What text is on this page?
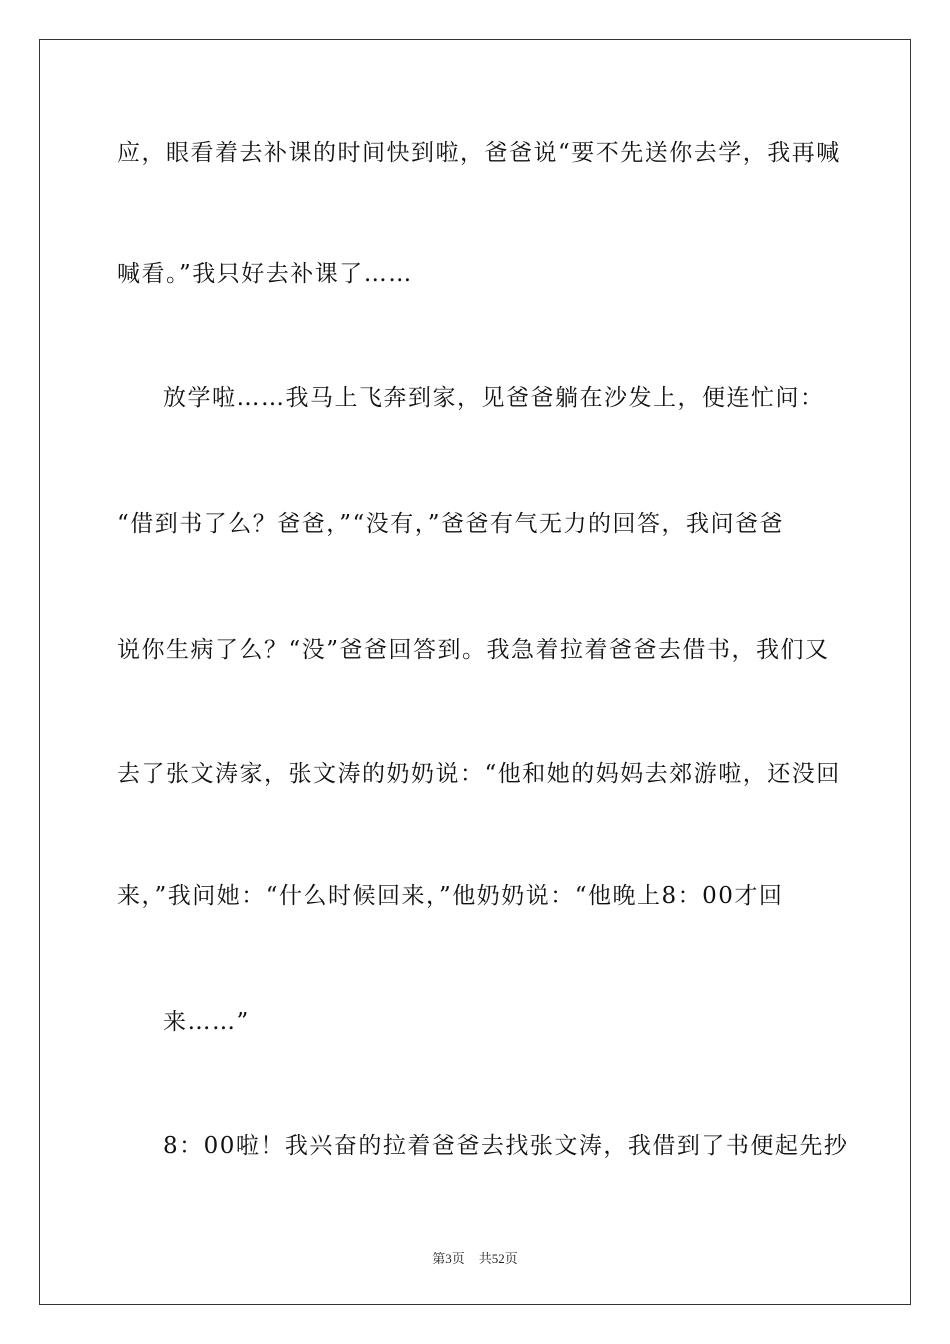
应，眼看着去补课的时间快到啦，爸爸说“要不先送你去学，我再喊
喊看。”我只好去补课了……
放学啦……我马上飞奔到家，见爸爸躺在沙发上，便连忙问：
“借到书了么？爸爸，”“没有，”爸爸有气无力的回答，我问爸爸
说你生病了么？“没”爸爸回答到。我急着拉着爸爸去借书，我们又
去了张文涛家，张文涛的奶奶说：“他和她的妈妈去郊游啦，还没回
来，”我问她：“什么时候回来，”他奶奶说：“他晚上8：00才回
来……”
8：00啦！我兴奋的拉着爸爸去找张文涛，我借到了书便起先抄
第3页 共52页
